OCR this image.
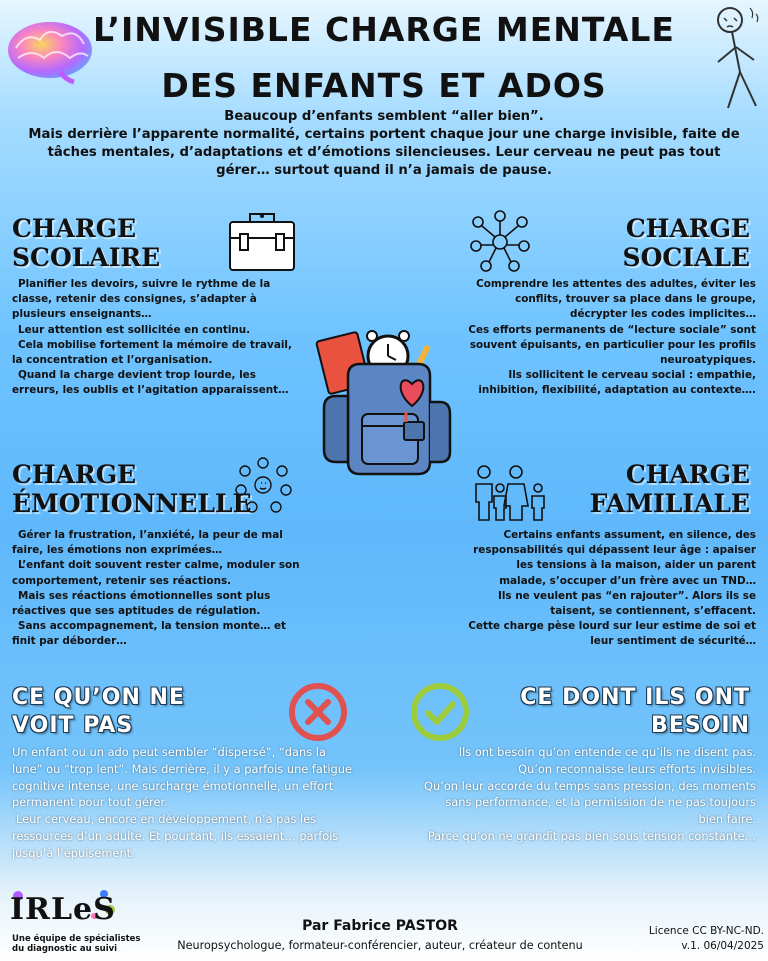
L’INVISIBLE CHARGE MENTALE
DES ENFANTS ET ADOS
Beaucoup d’enfants semblent “aller bien”.
Mais derrière l’apparente normalité, certains portent chaque jour une charge invisible, faite de tâches mentales, d’adaptations et d’émotions silencieuses. Leur cerveau ne peut pas tout gérer… surtout quand il n’a jamais de pause.
CHARGE
SCOLAIRE

Planifier les devoirs, suivre le rythme de la classe, retenir des consignes, s’adapter à plusieurs enseignants…

Leur attention est sollicitée en continu.

Cela mobilise fortement la mémoire de travail, la concentration et l’organisation.

Quand la charge devient trop lourde, les erreurs, les oublis et l’agitation apparaissent…

CHARGE
SOCIALE

Comprendre les attentes des adultes, éviter les conflits, trouver sa place dans le groupe, décrypter les codes implicites…

Ces efforts permanents de “lecture sociale” sont souvent épuisants, en particulier pour les profils neuroatypiques.

Ils sollicitent le cerveau social : empathie, inhibition, flexibilité, adaptation au contexte….

CHARGE
ÉMOTIONNELLE

Gérer la frustration, l’anxiété, la peur de mal faire, les émotions non exprimées…

L’enfant doit souvent rester calme, moduler son comportement, retenir ses réactions.

Mais ses réactions émotionnelles sont plus réactives que ses aptitudes de régulation.

Sans accompagnement, la tension monte… et finit par déborder…

CHARGE
FAMILIALE

Certains enfants assument, en silence, des responsabilités qui dépassent leur âge : apaiser les tensions à la maison, aider un parent malade, s’occuper d’un frère avec un TND…

Ils ne veulent pas “en rajouter”. Alors ils se taisent, se contiennent, s’effacent.

Cette charge pèse lourd sur leur estime de soi et leur sentiment de sécurité…

CE QU’ON NE
VOIT PAS

Un enfant ou un ado peut sembler “dispersé”, “dans la lune” ou “trop lent”. Mais derrière, il y a parfois une fatigue cognitive intense, une surcharge émotionnelle, un effort permanent pour tout gérer.

Leur cerveau, encore en développement, n’a pas les ressources d’un adulte. Et pourtant, ils essaient… parfois jusqu’à l’épuisement.

CE DONT ILS ONT
BESOIN

Ils ont besoin qu’on entende ce qu’ils ne disent pas.

Qu’on reconnaisse leurs efforts invisibles.

Qu’on leur accorde du temps sans pression, des moments sans performance, et la permission de ne pas toujours bien faire.

Parce qu’on ne grandit pas bien sous tension constante…

IRLeS
Une équipe de spécialistes
du diagnostic au suivi
Par Fabrice PASTOR
Neuropsychologue, formateur-conférencier, auteur, créateur de contenu
Licence CC BY-NC-ND.
v.1. 06/04/2025
